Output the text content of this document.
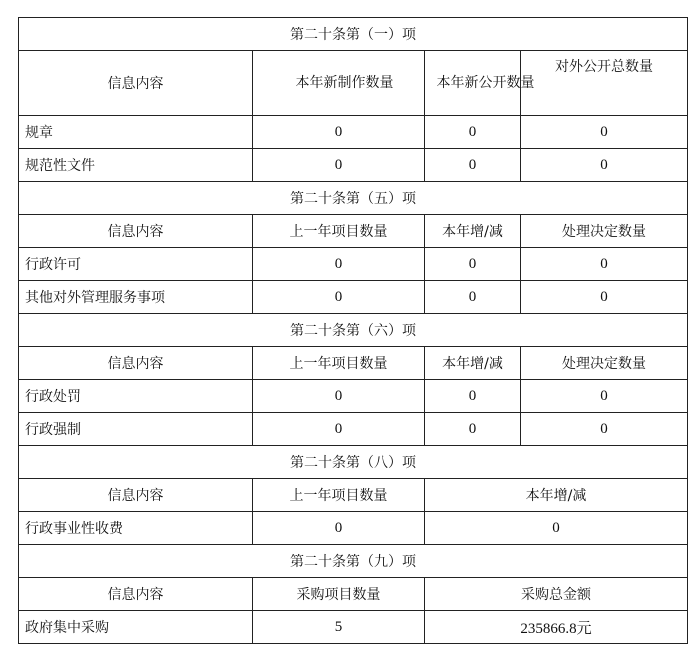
第二十条第（一）项			
信息内容	本年新制作数量	本年新公开数量	对外公开总数量
规章	0	0	0
规范性文件	0	0	0
第二十条第（五）项			
信息内容	上一年项目数量	本年增/减	处理决定数量
行政许可	0	0	0
其他对外管理服务事项	0	0	0
第二十条第（六）项			
信息内容	上一年项目数量	本年增/减	处理决定数量
行政处罚	0	0	0
行政强制	0	0	0
第二十条第（八）项			
信息内容	上一年项目数量	本年增/减	
行政事业性收费	0	0	
第二十条第（九）项			
信息内容	采购项目数量	采购总金额	
政府集中采购	5	235866.8元	
